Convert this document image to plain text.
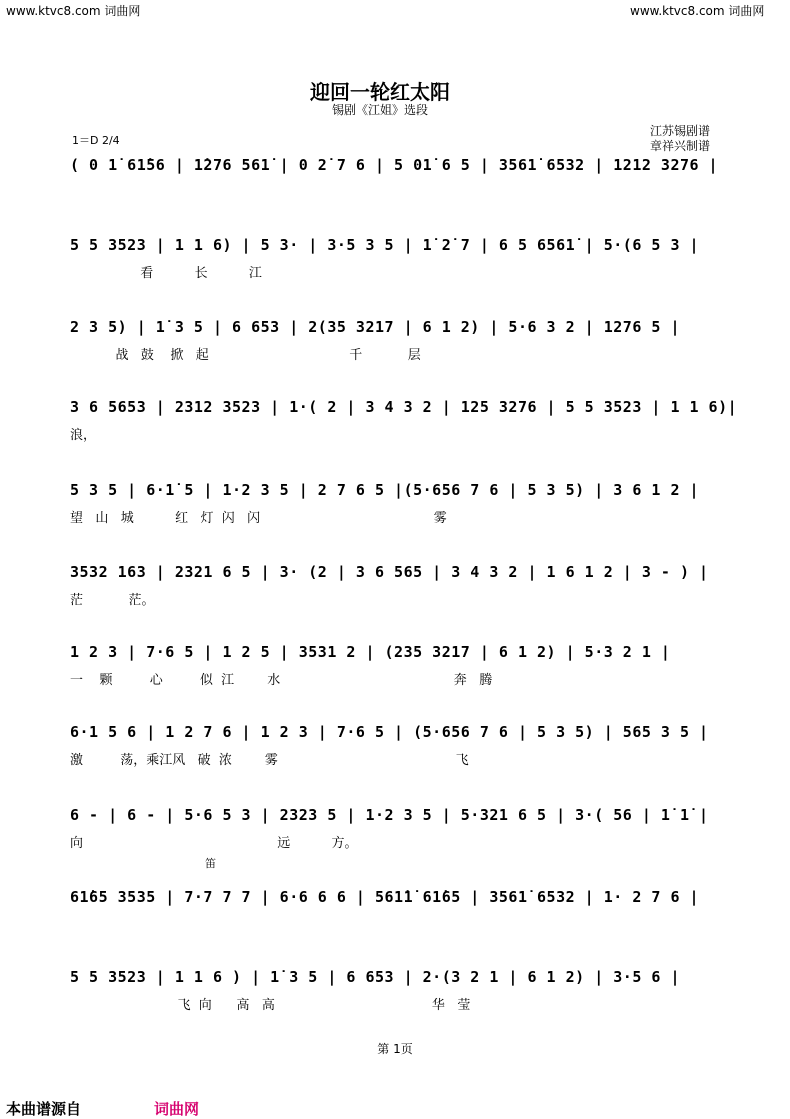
www.ktvc8.com 词曲网	www.ktvc8.com 词曲网
迎回一轮红太阳
锡剧《江姐》选段
江苏锡剧谱
章祥兴制谱
1＝D 2/4
( 0 1̇ 61̇56 | 1̇276 561̇ | 0 2̇ 7 6 | 5 01̇ 6 5 | 3561̇ 6532 | 1212 3276 |
5 5 3523 | 1 1 6) | 5 3· | 3·5 3 5 | 1̇ 2̇ 7 | 6 5 6561̇ | 5·(6 5 3 |
看          长          江
2 3 5) | 1̇ 3 5 | 6 653 | 2(35 3217 | 6 1 2) | 5·6 3 2 | 1276 5 |
战   鼓    掀   起                                  千           层
3 6 5653 | 2312 3523 | 1·( 2 | 3 4 3 2 | 125 3276 | 5 5 3523 | 1 1 6)|
浪，
5 3 5 | 6·1̇ 5 | 1·2 3 5 | 2 7 6 5 |(5·656 7 6 | 5 3 5) | 3 6 1 2 |
望   山   城          红   灯  闪   闪                                          雾
3532 163 | 2321 6 5 | 3· (2 | 3 6 565 | 3 4 3 2 | 1 6 1 2 | 3 - ) |
茫           茫。
1 2 3 | 7·6 5 | 1 2 5 | 3531 2 | (235 3217 | 6 1 2) | 5·3 2 1 |
一    颗         心         似  江        水                                          奔   腾
6·1 5 6 | 1 2 7 6 | 1 2 3 | 7·6 5 | (5·656 7 6 | 5 3 5) | 565 3 5 |
激         荡，乘江风   破  浓        雾                                           飞
6 - | 6 - | 5·6 5 3 | 2323 5 | 1·2 3 5 | 5·321 6 5 | 3·( 56 | 1̇ 1̇ |
向                                               远          方。
61̇65 3535 | 7·7 7 7 | 6·6 6 6 | 561̇1̇ 61̇65 | 3561̇ 6532 | 1· 2 7 6 |
5 5 3523 | 1 1 6 ) | 1̇ 3 5 | 6 653 | 2·(3 2 1 | 6 1 2) | 3·5 6 |
飞  向      高   高                                      华   莹
笛
第 1页
本曲谱源自	词曲网
